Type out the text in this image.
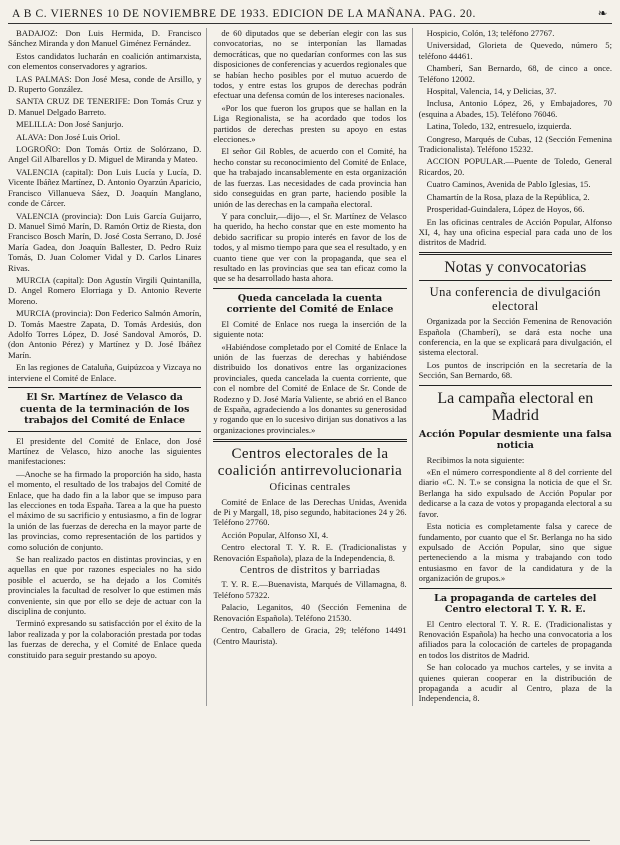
A B C. VIERNES 10 DE NOVIEMBRE DE 1933. EDICION DE LA MAÑANA. PAG. 20.	❧

BADAJOZ: Don Luis Hermida, D. Francisco Sánchez Miranda y don Manuel Giménez Fernández.

Estos candidatos lucharán en coalición antimarxista, con elementos conservadores y agrarios.

LAS PALMAS: Don José Mesa, conde de Arsillo, y D. Ruperto González.

SANTA CRUZ DE TENERIFE: Don Tomás Cruz y D. Manuel Delgado Barreto.

MELILLA: Don José Sanjurjo.

ALAVA: Don José Luis Oriol.

LOGROÑO: Don Tomás Ortiz de Solórzano, D. Angel Gil Albarellos y D. Miguel de Miranda y Mateo.

VALENCIA (capital): Don Luis Lucía y Lucía, D. Vicente Ibáñez Martínez, D. Antonio Oyarzún Aparicio, Francisco Villanueva Sáez, D. Joaquín Manglano, conde de Cárcer.

VALENCIA (provincia): Don Luis García Guijarro, D. Manuel Simó Marín, D. Ramón Ortiz de Riesta, don Francisco Bosch Marín, D. José Costa Serrano, D. José María Gadea, don Joaquín Ballester, D. Pedro Ruiz Tomás, D. Juan Colomer Vidal y D. Carlos Linares Rivas.

MURCIA (capital): Don Agustín Virgili Quintanilla, D. Angel Romero Elorriaga y D. Antonio Reverte Moreno.

MURCIA (provincia): Don Federico Salmón Amorín, D. Tomás Maestre Zapata, D. Tomás Ardesiús, don Adolfo Torres López, D. José Sandoval Amorós, D. (don Antonio Pérez) y Martínez y D. José Ibáñez Marín.

En las regiones de Cataluña, Guipúzcoa y Vizcaya no interviene el Comité de Enlace.

El Sr. Martínez de Velasco da cuenta de la terminación de los trabajos del Comité de Enlace

El presidente del Comité de Enlace, don José Martínez de Velasco, hizo anoche las siguientes manifestaciones:

—Anoche se ha firmado la proporción ha sido, hasta el momento, el resultado de los trabajos del Comité de Enlace, que ha dado fin a la labor que se impuso para las elecciones en toda España. Tarea a la que ha puesto el máximo de su sacrificio y entusiasmo, a fin de lograr la unión de las fuerzas de derecha en la mayor parte de las provincias, como representación de los partidos y como solución de conjunto.

Se han realizado pactos en distintas provincias, y en aquellas en que por razones especiales no ha sido posible el acuerdo, se ha dejado a los Comités provinciales la facultad de resolver lo que estimen más conveniente, sin que por ello se deje de actuar con la disciplina de conjunto.

Terminó expresando su satisfacción por el éxito de la labor realizada y por la colaboración prestada por todas las fuerzas de derecha, y el Comité de Enlace queda constituido para seguir prestando su apoyo.

de 60 diputados que se deberían elegir con las sus convocatorias, no se interponían las llamadas democráticas, que no quedarían conformes con las sus disposiciones de conferencias y acuerdos regionales que se habían hecho posibles por el mutuo acuerdo de todos, y entre estas los grupos de derechas podrán efectuar una defensa común de los intereses nacionales.

«Por los que fueron los grupos que se hallan en la Liga Regionalista, se ha acordado que todos los partidos de derechas presten su apoyo en estas elecciones.»

El señor Gil Robles, de acuerdo con el Comité, ha hecho constar su reconocimiento del Comité de Enlace, que ha trabajado incansablemente en esta organización de las fuerzas. Las necesidades de cada provincia han sido conseguidas en gran parte, haciendo posible la unión de las derechas en la campaña electoral.

Y para concluir,—dijo—, el Sr. Martínez de Velasco ha querido, ha hecho constar que en este momento ha debido sacrificar su propio interés en favor de los de todos, y al mismo tiempo para que sea el resultado, y en cuanto tiene que ver con la propaganda, que sea el resultado en las provincias que sea tan eficaz como la que se ha desarrollado hasta ahora.

Queda cancelada la cuenta corriente del Comité de Enlace

El Comité de Enlace nos ruega la inserción de la siguiente nota:

«Habiéndose completado por el Comité de Enlace la unión de las fuerzas de derechas y habiéndose distribuido los donativos entre las organizaciones provinciales, queda cancelada la cuenta corriente, que con el nombre del Comité de Enlace de Sr. Conde de Rodezno y D. José María Valiente, se abrió en el Banco de España, agradeciendo a los donantes su generosidad y rogando que en lo sucesivo dirijan sus donativos a las organizaciones provinciales.»

Centros electorales de la coalición antirrevolucionaria
Oficinas centrales

Comité de Enlace de las Derechas Unidas, Avenida de Pi y Margall, 18, piso segundo, habitaciones 24 y 26. Teléfono 27760.

Acción Popular, Alfonso XI, 4.

Centro electoral T. Y. R. E. (Tradicionalistas y Renovación Española), plaza de la Independencia, 8.

Centros de distritos y barriadas

T. Y. R. E.—Buenavista, Marqués de Villamagna, 8. Teléfono 57322.

Palacio, Leganitos, 40 (Sección Femenina de Renovación Española). Teléfono 21530.

Centro, Caballero de Gracia, 29; teléfono 14491 (Centro Maurista).

Hospicio, Colón, 13; teléfono 27767.

Universidad, Glorieta de Quevedo, número 5; teléfono 44461.

Chamberí, San Bernardo, 68, de cinco a once. Teléfono 12002.

Hospital, Valencia, 14, y Delicias, 37.

Inclusa, Antonio López, 26, y Embajadores, 70 (esquina a Abades, 15). Teléfono 76046.

Latina, Toledo, 132, entresuelo, izquierda.

Congreso, Marqués de Cubas, 12 (Sección Femenina Tradicionalista). Teléfono 15232.

ACCION POPULAR.—Puente de Toledo, General Ricardos, 20.

Cuatro Caminos, Avenida de Pablo Iglesias, 15.

Chamartín de la Rosa, plaza de la República, 2.

Prosperidad-Guindalera, López de Hoyos, 66.

En las oficinas centrales de Acción Popular, Alfonso XI, 4, hay una oficina especial para cada uno de los distritos de Madrid.

Notas y convocatorias
Una conferencia de divulgación electoral

Organizada por la Sección Femenina de Renovación Española (Chamberí), se dará esta noche una conferencia, en la que se explicará para divulgación, el sistema electoral.

Los puntos de inscripción en la secretaría de la Sección, San Bernardo, 68.

La campaña electoral en Madrid
Acción Popular desmiente una falsa noticia

Recibimos la nota siguiente:

«En el número correspondiente al 8 del corriente del diario «C. N. T.» se consigna la noticia de que el Sr. Berlanga ha sido expulsado de Acción Popular por dedicarse a la caza de votos y propaganda electoral a su favor.

Esta noticia es completamente falsa y carece de fundamento, por cuanto que el Sr. Berlanga no ha sido expulsado de Acción Popular, sino que sigue perteneciendo a la misma y trabajando con todo entusiasmo en favor de la candidatura y de la organización de grupos.»

La propaganda de carteles del Centro electoral T. Y. R. E.

El Centro electoral T. Y. R. E. (Tradicionalistas y Renovación Española) ha hecho una convocatoria a los afiliados para la colocación de carteles de propaganda en todos los distritos de Madrid.

Se han colocado ya muchos carteles, y se invita a quienes quieran cooperar en la distribución de propaganda a acudir al Centro, plaza de la Independencia, 8.
